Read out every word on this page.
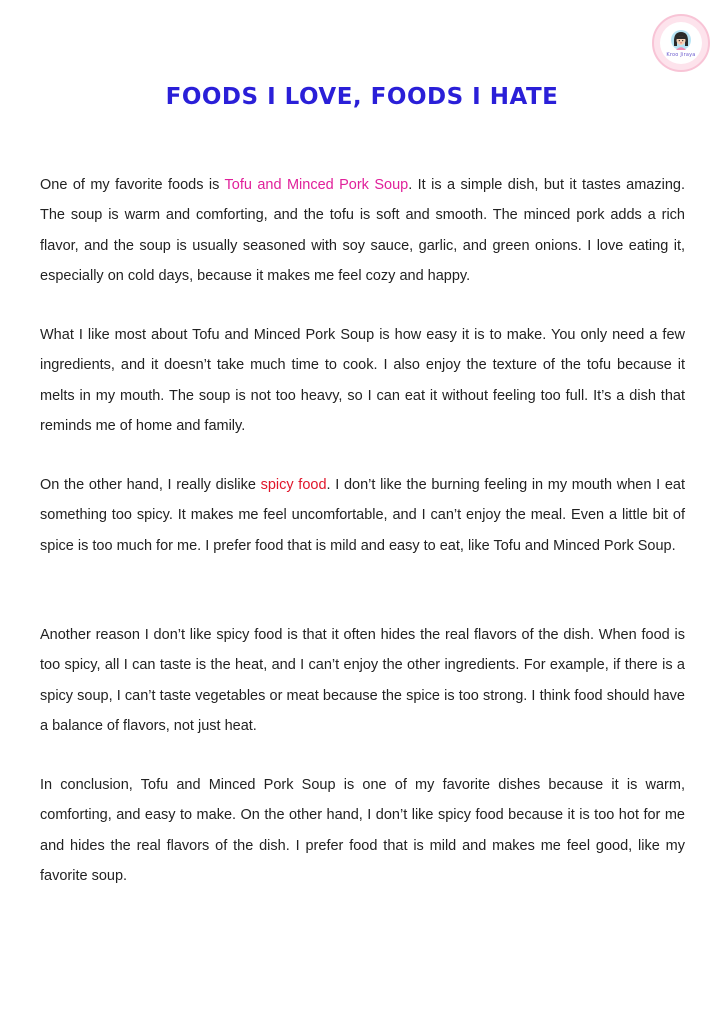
Kroo Jiraya
FOODS I LOVE, FOODS I HATE

One of my favorite foods is Tofu and Minced Pork Soup. It is a simple dish, but it tastes amazing. The soup is warm and comforting, and the tofu is soft and smooth. The minced pork adds a rich flavor, and the soup is usually seasoned with soy sauce, garlic, and green onions. I love eating it, especially on cold days, because it makes me feel cozy and happy.

What I like most about Tofu and Minced Pork Soup is how easy it is to make. You only need a few ingredients, and it doesn’t take much time to cook. I also enjoy the texture of the tofu because it melts in my mouth. The soup is not too heavy, so I can eat it without feeling too full. It’s a dish that reminds me of home and family.

On the other hand, I really dislike spicy food. I don’t like the burning feeling in my mouth when I eat something too spicy. It makes me feel uncomfortable, and I can’t enjoy the meal. Even a little bit of spice is too much for me. I prefer food that is mild and easy to eat, like Tofu and Minced Pork Soup.

Another reason I don’t like spicy food is that it often hides the real flavors of the dish. When food is too spicy, all I can taste is the heat, and I can’t enjoy the other ingredients. For example, if there is a spicy soup, I can’t taste vegetables or meat because the spice is too strong. I think food should have a balance of flavors, not just heat.

In conclusion, Tofu and Minced Pork Soup is one of my favorite dishes because it is warm, comforting, and easy to make. On the other hand, I don’t like spicy food because it is too hot for me and hides the real flavors of the dish. I prefer food that is mild and makes me feel good, like my favorite soup.
